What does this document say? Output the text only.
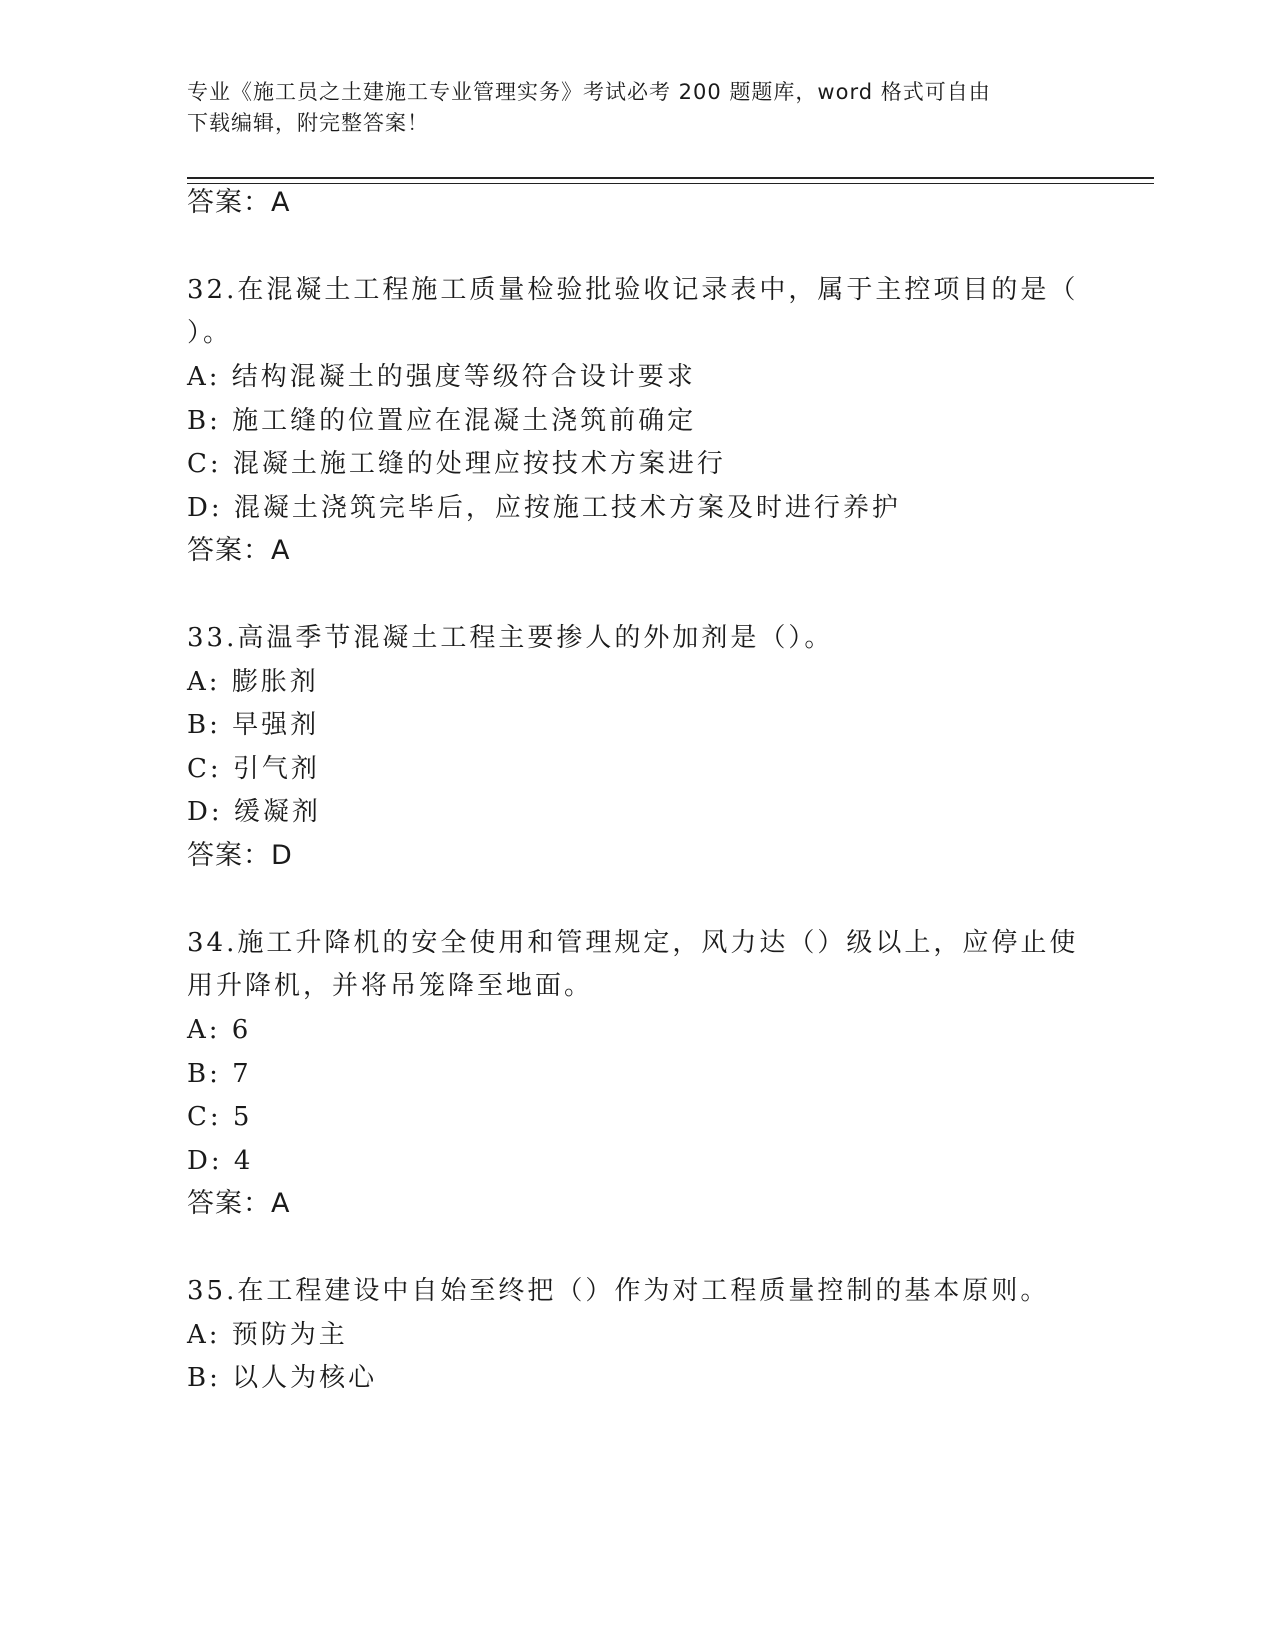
专业《施工员之土建施工专业管理实务》考试必考 200 题题库，word 格式可自由
下载编辑，附完整答案！
答案：A
32.在混凝土工程施工质量检验批验收记录表中，属于主控项目的是（
）。
A: 结构混凝土的强度等级符合设计要求
B: 施工缝的位置应在混凝土浇筑前确定
C: 混凝土施工缝的处理应按技术方案进行
D: 混凝土浇筑完毕后，应按施工技术方案及时进行养护
答案：A
33.高温季节混凝土工程主要掺人的外加剂是（）。
A: 膨胀剂
B: 早强剂
C: 引气剂
D: 缓凝剂
答案：D
34.施工升降机的安全使用和管理规定，风力达（）级以上，应停止使
用升降机，并将吊笼降至地面。
A: 6
B: 7
C: 5
D: 4
答案：A
35.在工程建设中自始至终把（）作为对工程质量控制的基本原则。
A: 预防为主
B: 以人为核心
